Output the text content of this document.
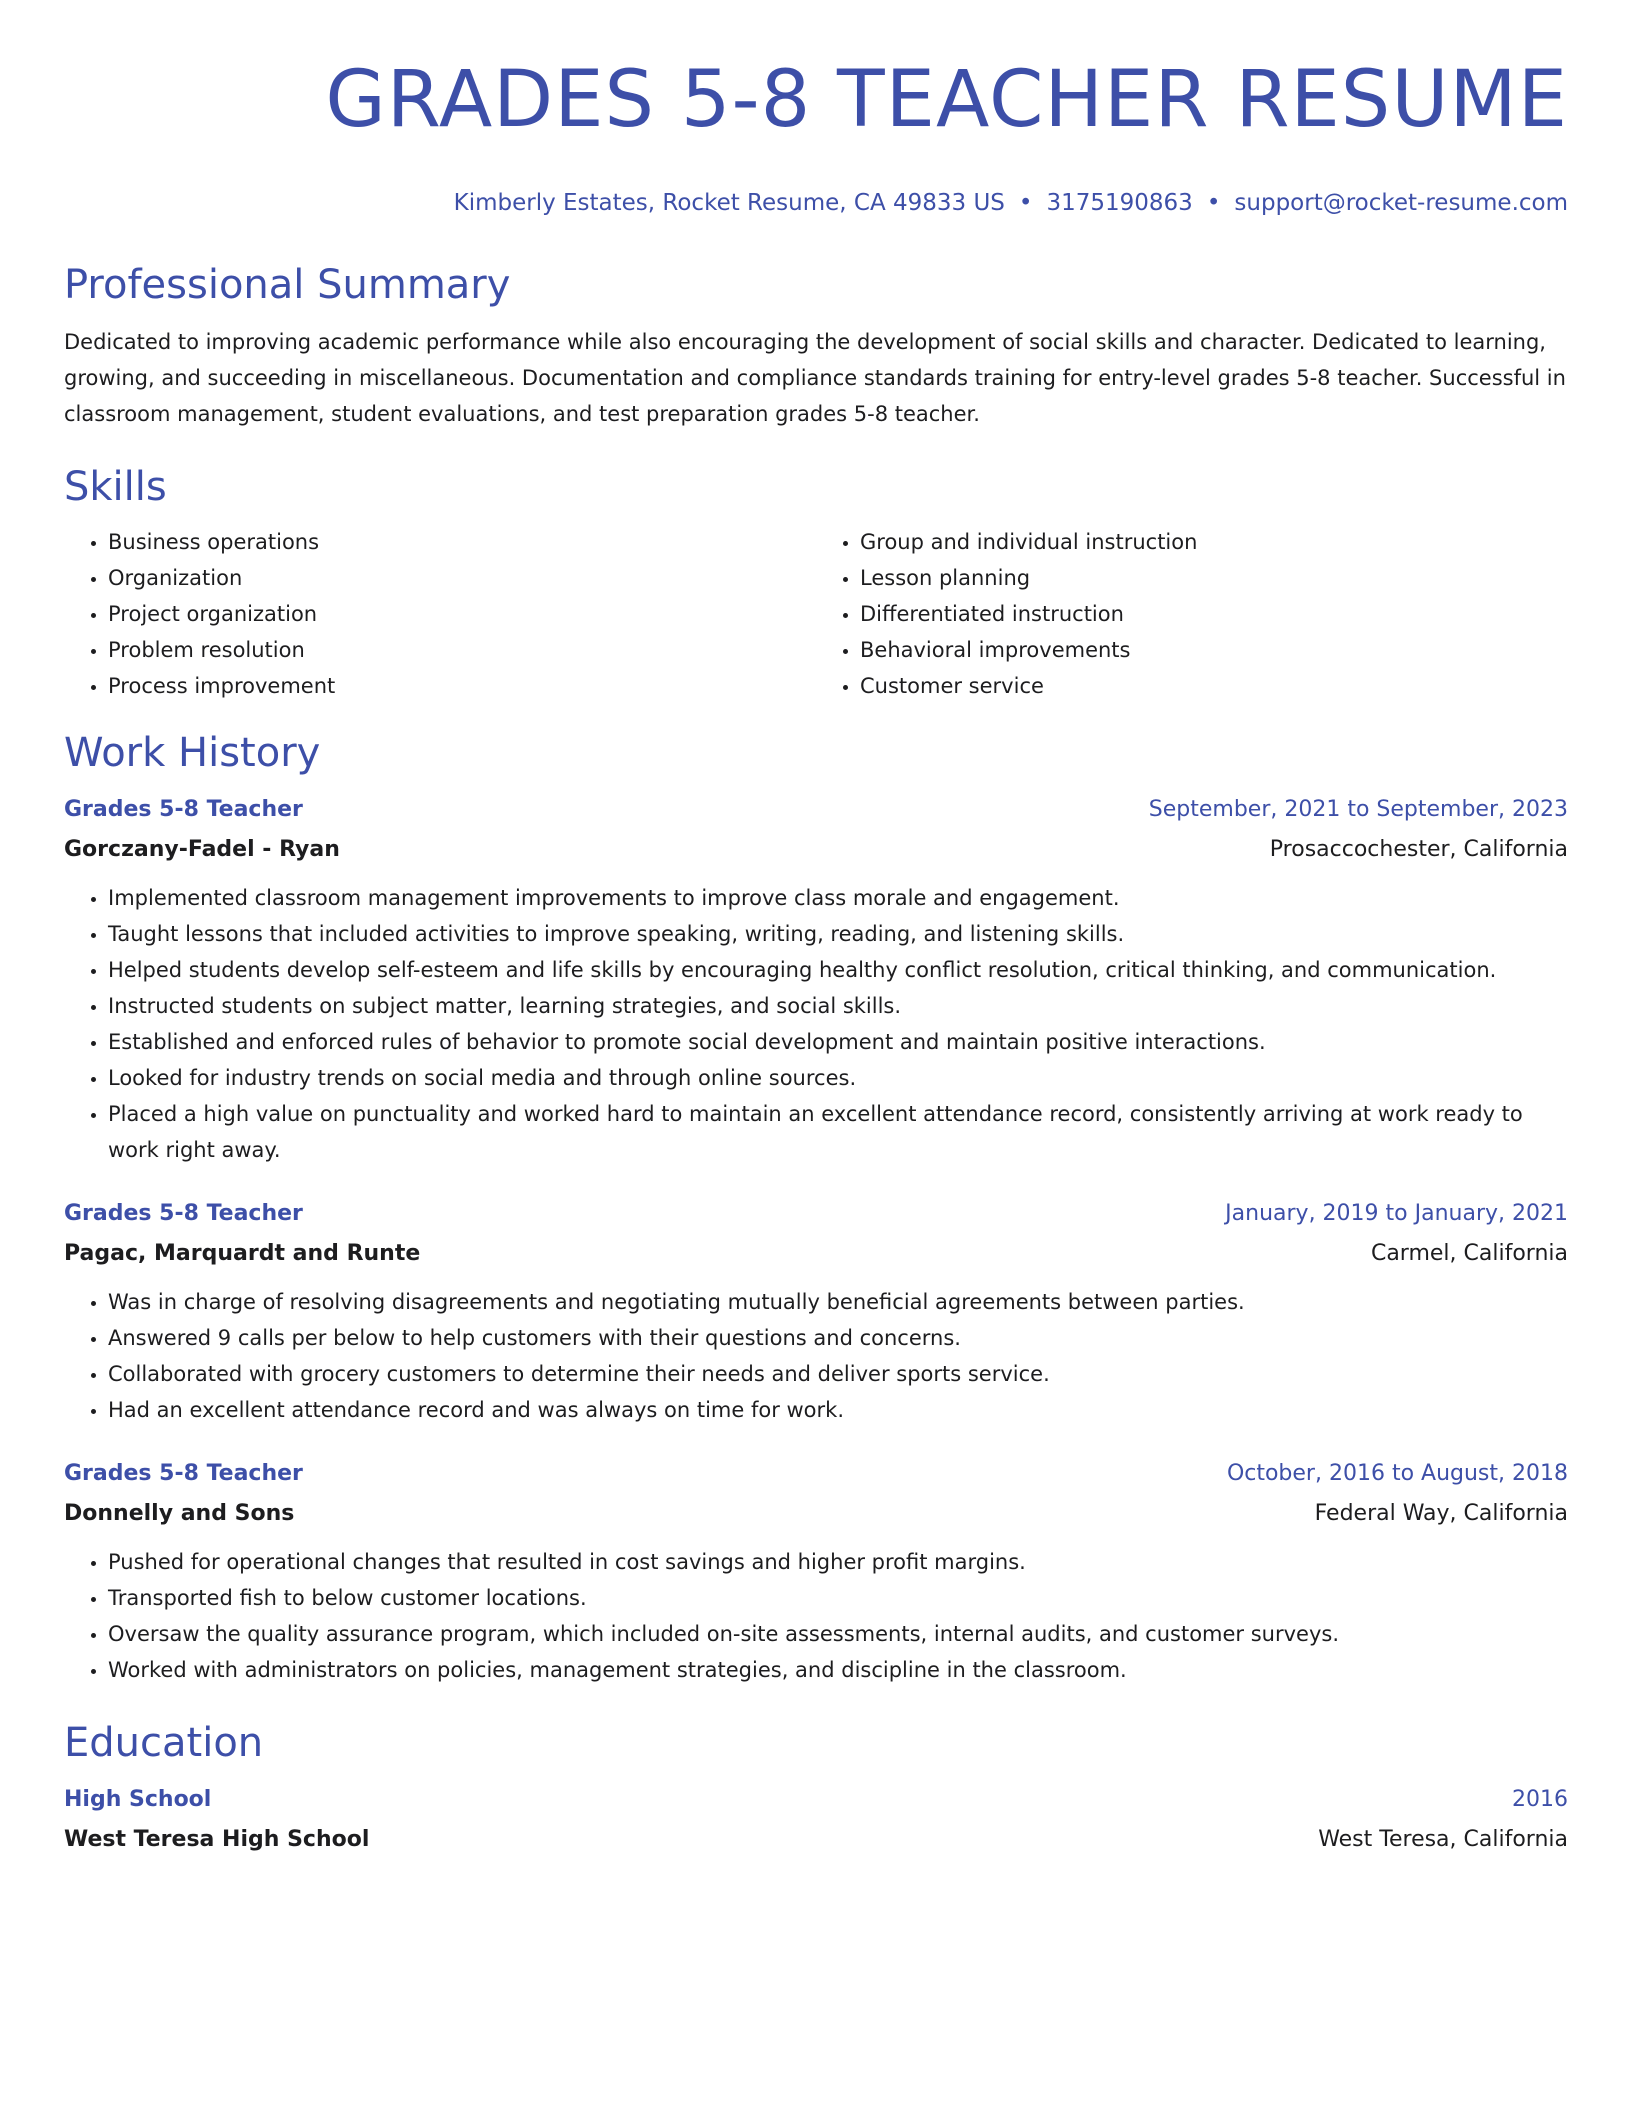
GRADES 5-8 TEACHER RESUME
Kimberly Estates, Rocket Resume, CA 49833 US • 3175190863 • support@rocket-resume.com
Professional Summary

Dedicated to improving academic performance while also encouraging the development of social skills and character. Dedicated to learning, growing, and succeeding in miscellaneous. Documentation and compliance standards training for entry-level grades 5-8 teacher. Successful in classroom management, student evaluations, and test preparation grades 5-8 teacher.

Skills
• Business operations
• Organization
• Project organization
• Problem resolution
• Process improvement
• Group and individual instruction
• Lesson planning
• Differentiated instruction
• Behavioral improvements
• Customer service
Work History
Grades 5-8 Teacher	September, 2021 to September, 2023
Gorczany-Fadel - Ryan	Prosaccochester, California
• Implemented classroom management improvements to improve class morale and engagement.
• Taught lessons that included activities to improve speaking, writing, reading, and listening skills.
• Helped students develop self-esteem and life skills by encouraging healthy conflict resolution, critical thinking, and communication.
• Instructed students on subject matter, learning strategies, and social skills.
• Established and enforced rules of behavior to promote social development and maintain positive interactions.
• Looked for industry trends on social media and through online sources.
• Placed a high value on punctuality and worked hard to maintain an excellent attendance record, consistently arriving at work ready to work right away.
Grades 5-8 Teacher	January, 2019 to January, 2021
Pagac, Marquardt and Runte	Carmel, California
• Was in charge of resolving disagreements and negotiating mutually beneficial agreements between parties.
• Answered 9 calls per below to help customers with their questions and concerns.
• Collaborated with grocery customers to determine their needs and deliver sports service.
• Had an excellent attendance record and was always on time for work.
Grades 5-8 Teacher	October, 2016 to August, 2018
Donnelly and Sons	Federal Way, California
• Pushed for operational changes that resulted in cost savings and higher profit margins.
• Transported fish to below customer locations.
• Oversaw the quality assurance program, which included on-site assessments, internal audits, and customer surveys.
• Worked with administrators on policies, management strategies, and discipline in the classroom.
Education
High School	2016
West Teresa High School	West Teresa, California
